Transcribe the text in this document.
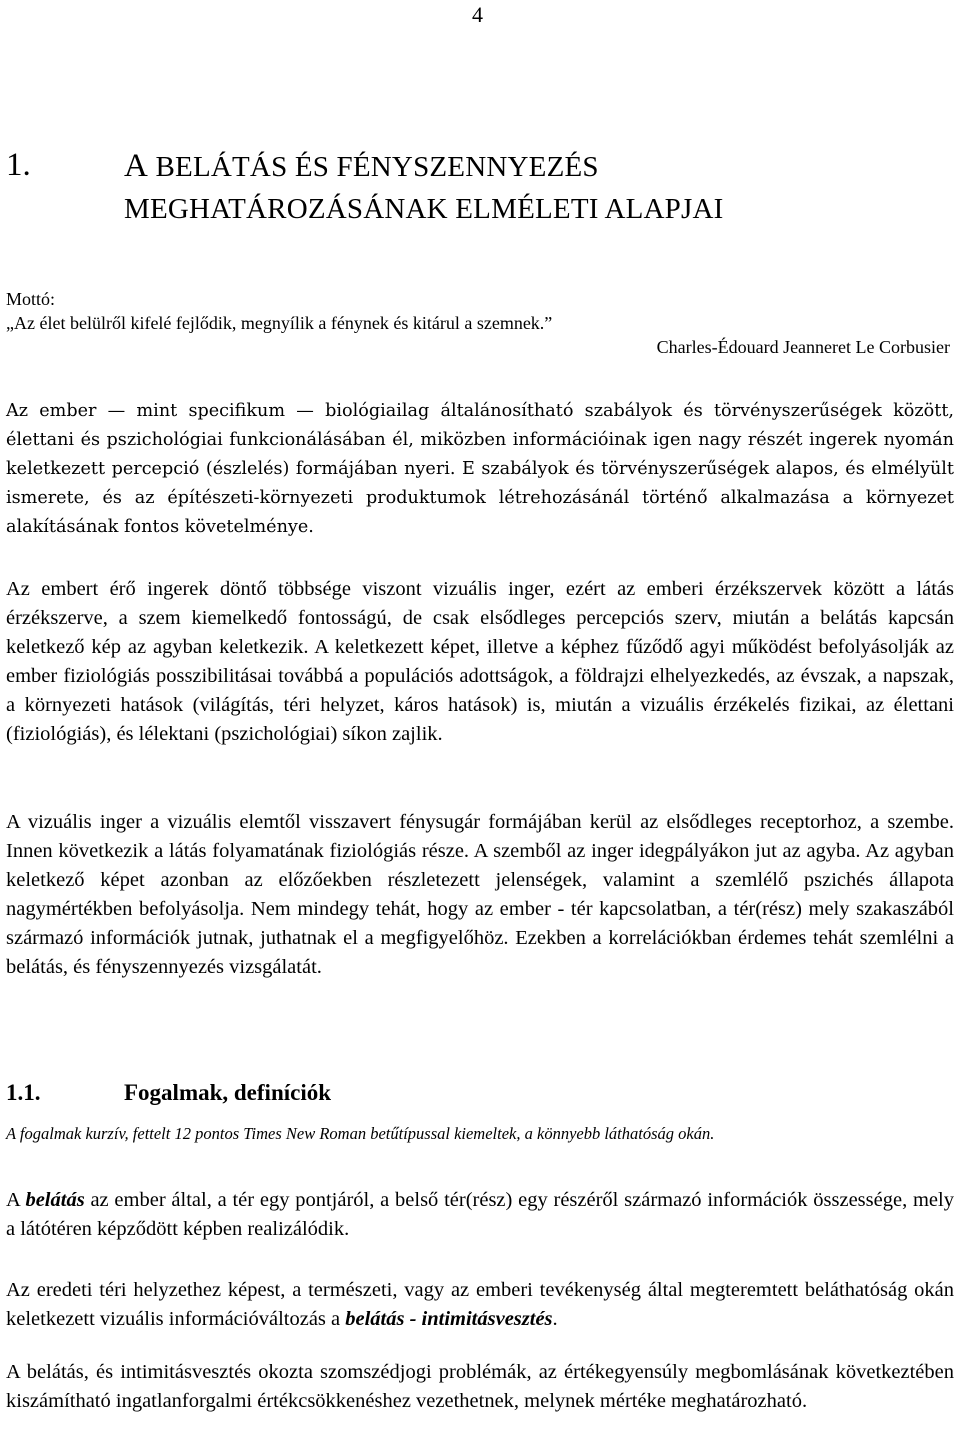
4
1.	A BELÁTÁS ÉS FÉNYSZENNYEZÉS
MEGHATÁROZÁSÁNAK ELMÉLETI ALAPJAI
Mottó:
„Az élet belülről kifelé fejlődik, megnyílik a fénynek és kitárul a szemnek.”
Charles-Édouard Jeanneret Le Corbusier

Az ember — mint specifikum — biológiailag általánosítható szabályok és törvényszerűségek között, élettani és pszichológiai funkcionálásában él, miközben információinak igen nagy részét ingerek nyomán keletkezett percepció (észlelés) formájában nyeri. E szabályok és törvényszerűségek alapos, és elmélyült ismerete, és az építészeti-környezeti produktumok létrehozásánál történő alkalmazása a környezet alakításának fontos követelménye.

Az embert érő ingerek döntő többsége viszont vizuális inger, ezért az emberi érzékszervek között a látás érzékszerve, a szem kiemelkedő fontosságú, de csak elsődleges percepciós szerv, miután a belátás kapcsán keletkező kép az agyban keletkezik. A keletkezett képet, illetve a képhez fűződő agyi működést befolyásolják az ember fiziológiás posszibilitásai továbbá a populációs adottságok, a földrajzi elhelyezkedés, az évszak, a napszak, a környezeti hatások (világítás, téri helyzet, káros hatások) is, miután a vizuális érzékelés fizikai, az élettani (fiziológiás), és lélektani (pszichológiai) síkon zajlik.

A vizuális inger a vizuális elemtől visszavert fénysugár formájában kerül az elsődleges receptorhoz, a szembe. Innen következik a látás folyamatának fiziológiás része. A szemből az inger idegpályákon jut az agyba. Az agyban keletkező képet azonban az előzőekben részletezett jelenségek, valamint a szemlélő pszichés állapota nagymértékben befolyásolja. Nem mindegy tehát, hogy az ember - tér kapcsolatban, a tér(rész) mely szakaszából származó információk jutnak, juthatnak el a megfigyelőhöz. Ezekben a korrelációkban érdemes tehát szemlélni a belátás, és fényszennyezés vizsgálatát.

1.1.	Fogalmak, definíciók
A fogalmak kurzív, fettelt 12 pontos Times New Roman betűtípussal kiemeltek, a könnyebb láthatóság okán.

A belátás az ember által, a tér egy pontjáról, a belső tér(rész) egy részéről származó információk összessége, mely a látótéren képződött képben realizálódik.

Az eredeti téri helyzethez képest, a természeti, vagy az emberi tevékenység által megteremtett beláthatóság okán keletkezett vizuális információváltozás a belátás - intimitásvesztés.

A belátás, és intimitásvesztés okozta szomszédjogi problémák, az értékegyensúly megbomlásának következtében kiszámítható ingatlanforgalmi értékcsökkenéshez vezethetnek, melynek mértéke meghatározható.
